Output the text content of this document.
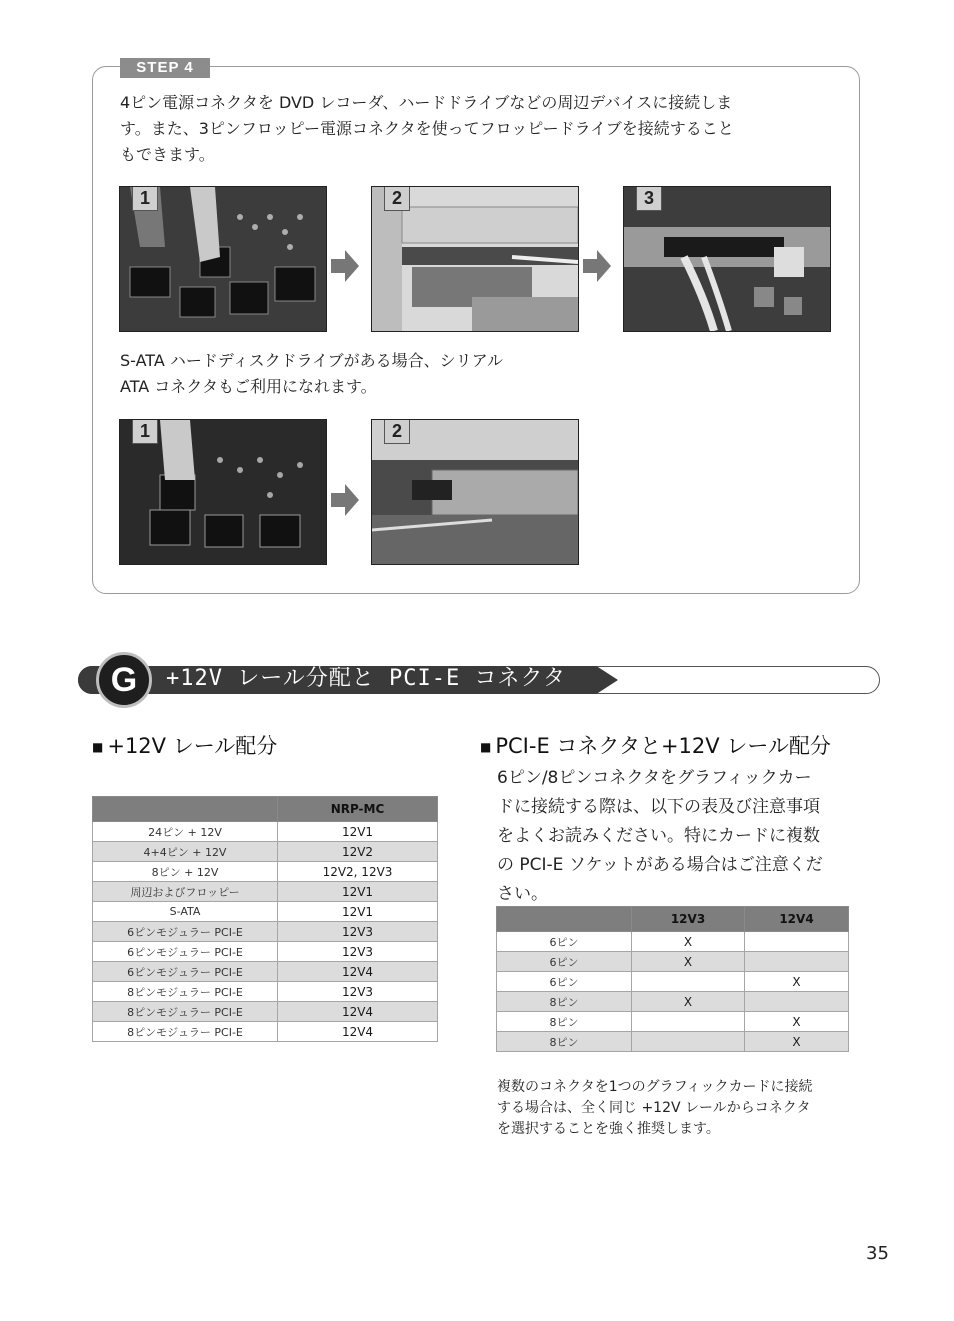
STEP 4
4ピン電源コネクタを DVD レコーダ、ハードドライブなどの周辺デバイスに接続しま
す。また、3ピンフロッピー電源コネクタを使ってフロッピードライブを接続すること
もできます。
1	2	3
S-ATA ハードディスクドライブがある場合、シリアル
ATA コネクタもご利用になれます。
1	2
G	+12V レール分配と PCI-E コネクタ
■ +12V レール配分
	NRP-MC
24ピン + 12V	12V1
4+4ピン + 12V	12V2
8ピン + 12V	12V2, 12V3
周辺およびフロッピー	12V1
S-ATA	12V1
6ピンモジュラー PCI-E	12V3
6ピンモジュラー PCI-E	12V3
6ピンモジュラー PCI-E	12V4
8ピンモジュラー PCI-E	12V3
8ピンモジュラー PCI-E	12V4
8ピンモジュラー PCI-E	12V4
■ PCI-E コネクタと+12V レール配分
6ピン/8ピンコネクタをグラフィックカー
ドに接続する際は、以下の表及び注意事項
をよくお読みください。特にカードに複数
の PCI-E ソケットがある場合はご注意くだ
さい。
	12V3	12V4
6ピン	X	
6ピン	X	
6ピン		X
8ピン	X	
8ピン		X
8ピン		X
複数のコネクタを1つのグラフィックカードに接続
する場合は、全く同じ +12V レールからコネクタ
を選択することを強く推奨します。
35
